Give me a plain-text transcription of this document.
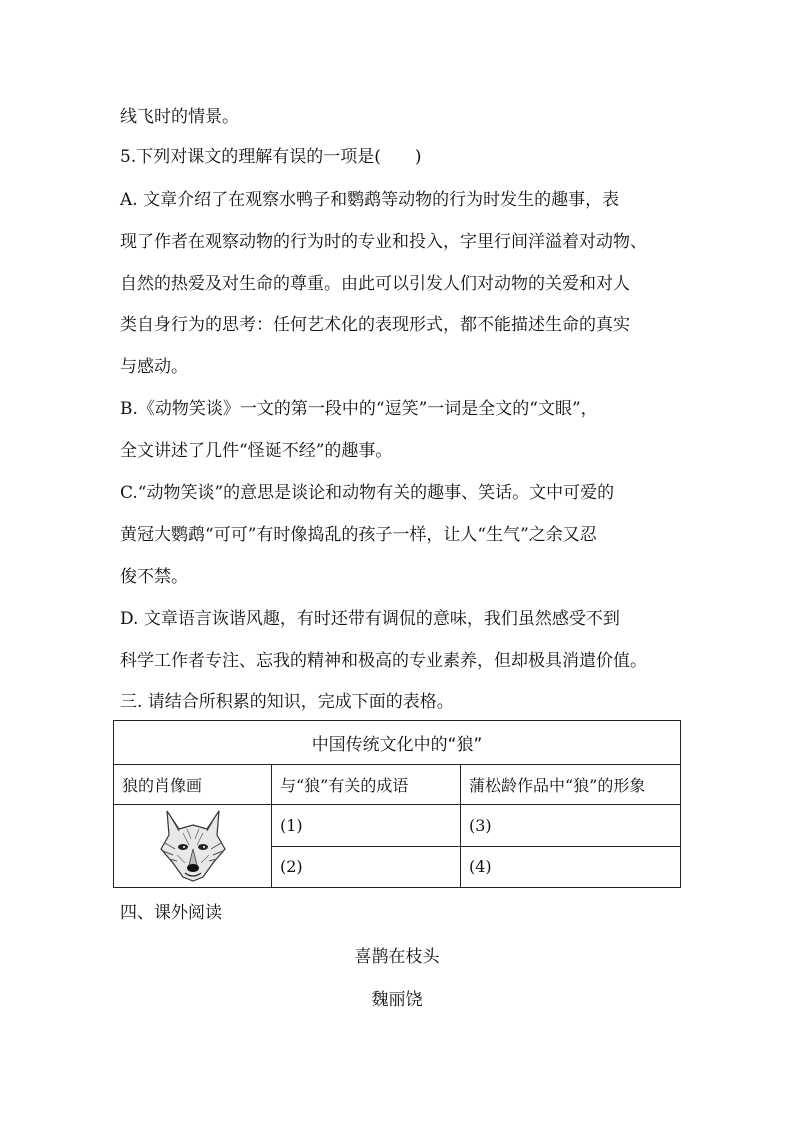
线飞时的情景。
5.下列对课文的理解有误的一项是(　　)
A. 文章介绍了在观察水鸭子和鹦鹉等动物的行为时发生的趣事，表
现了作者在观察动物的行为时的专业和投入，字里行间洋溢着对动物、
自然的热爱及对生命的尊重。由此可以引发人们对动物的关爱和对人
类自身行为的思考：任何艺术化的表现形式，都不能描述生命的真实
与感动。
B.《动物笑谈》一文的第一段中的“逗笑”一词是全文的“文眼”，
全文讲述了几件“怪诞不经”的趣事。
C.“动物笑谈”的意思是谈论和动物有关的趣事、笑话。文中可爱的
黄冠大鹦鹉“可可”有时像捣乱的孩子一样，让人“生气”之余又忍
俊不禁。
D. 文章语言诙谐风趣，有时还带有调侃的意味，我们虽然感受不到
科学工作者专注、忘我的精神和极高的专业素养，但却极具消遣价值。
三. 请结合所积累的知识，完成下面的表格。
中国传统文化中的“狼”		
狼的肖像画	与“狼”有关的成语	蒲松龄作品中“狼”的形象
	(1)	(3)
	(2)	(4)
四、课外阅读
喜鹊在枝头
魏丽饶
